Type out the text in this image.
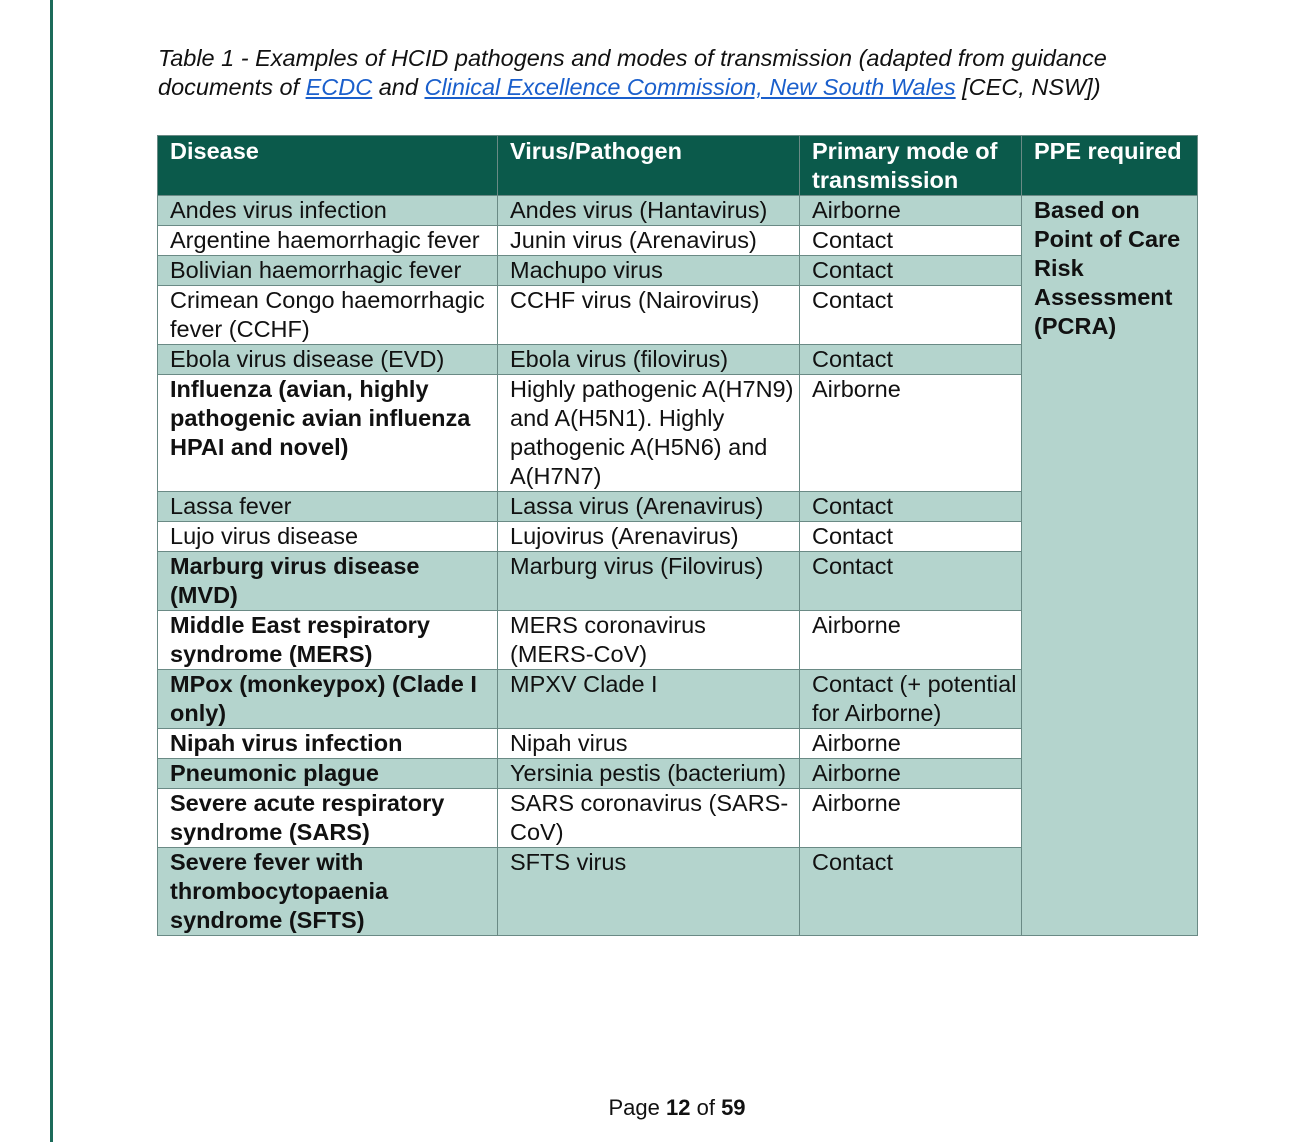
Table 1 - Examples of HCID pathogens and modes of transmission (adapted from guidance documents of ECDC and Clinical Excellence Commission, New South Wales [CEC, NSW])
Disease	Virus/Pathogen	Primary mode of transmission	PPE required
Andes virus infection	Andes virus (Hantavirus)	Airborne	Based on Point of Care Risk Assessment (PCRA)
Argentine haemorrhagic fever	Junin virus (Arenavirus)	Contact	
Bolivian haemorrhagic fever	Machupo virus	Contact	
Crimean Congo haemorrhagic fever (CCHF)	CCHF virus (Nairovirus)	Contact	
Ebola virus disease (EVD)	Ebola virus (filovirus)	Contact	
Influenza (avian, highly pathogenic avian influenza HPAI and novel)	Highly pathogenic A(H7N9) and A(H5N1). Highly pathogenic A(H5N6) and A(H7N7)	Airborne	
Lassa fever	Lassa virus (Arenavirus)	Contact	
Lujo virus disease	Lujovirus (Arenavirus)	Contact	
Marburg virus disease (MVD)	Marburg virus (Filovirus)	Contact	
Middle East respiratory syndrome (MERS)	MERS coronavirus (MERS-CoV)	Airborne	
MPox (monkeypox) (Clade I only)	MPXV Clade I	Contact (+ potential for Airborne)	
Nipah virus infection	Nipah virus	Airborne	
Pneumonic plague	Yersinia pestis (bacterium)	Airborne	
Severe acute respiratory syndrome (SARS)	SARS coronavirus (SARS-CoV)	Airborne	
Severe fever with thrombocytopaenia syndrome (SFTS)	SFTS virus	Contact	
Page 12 of 59
